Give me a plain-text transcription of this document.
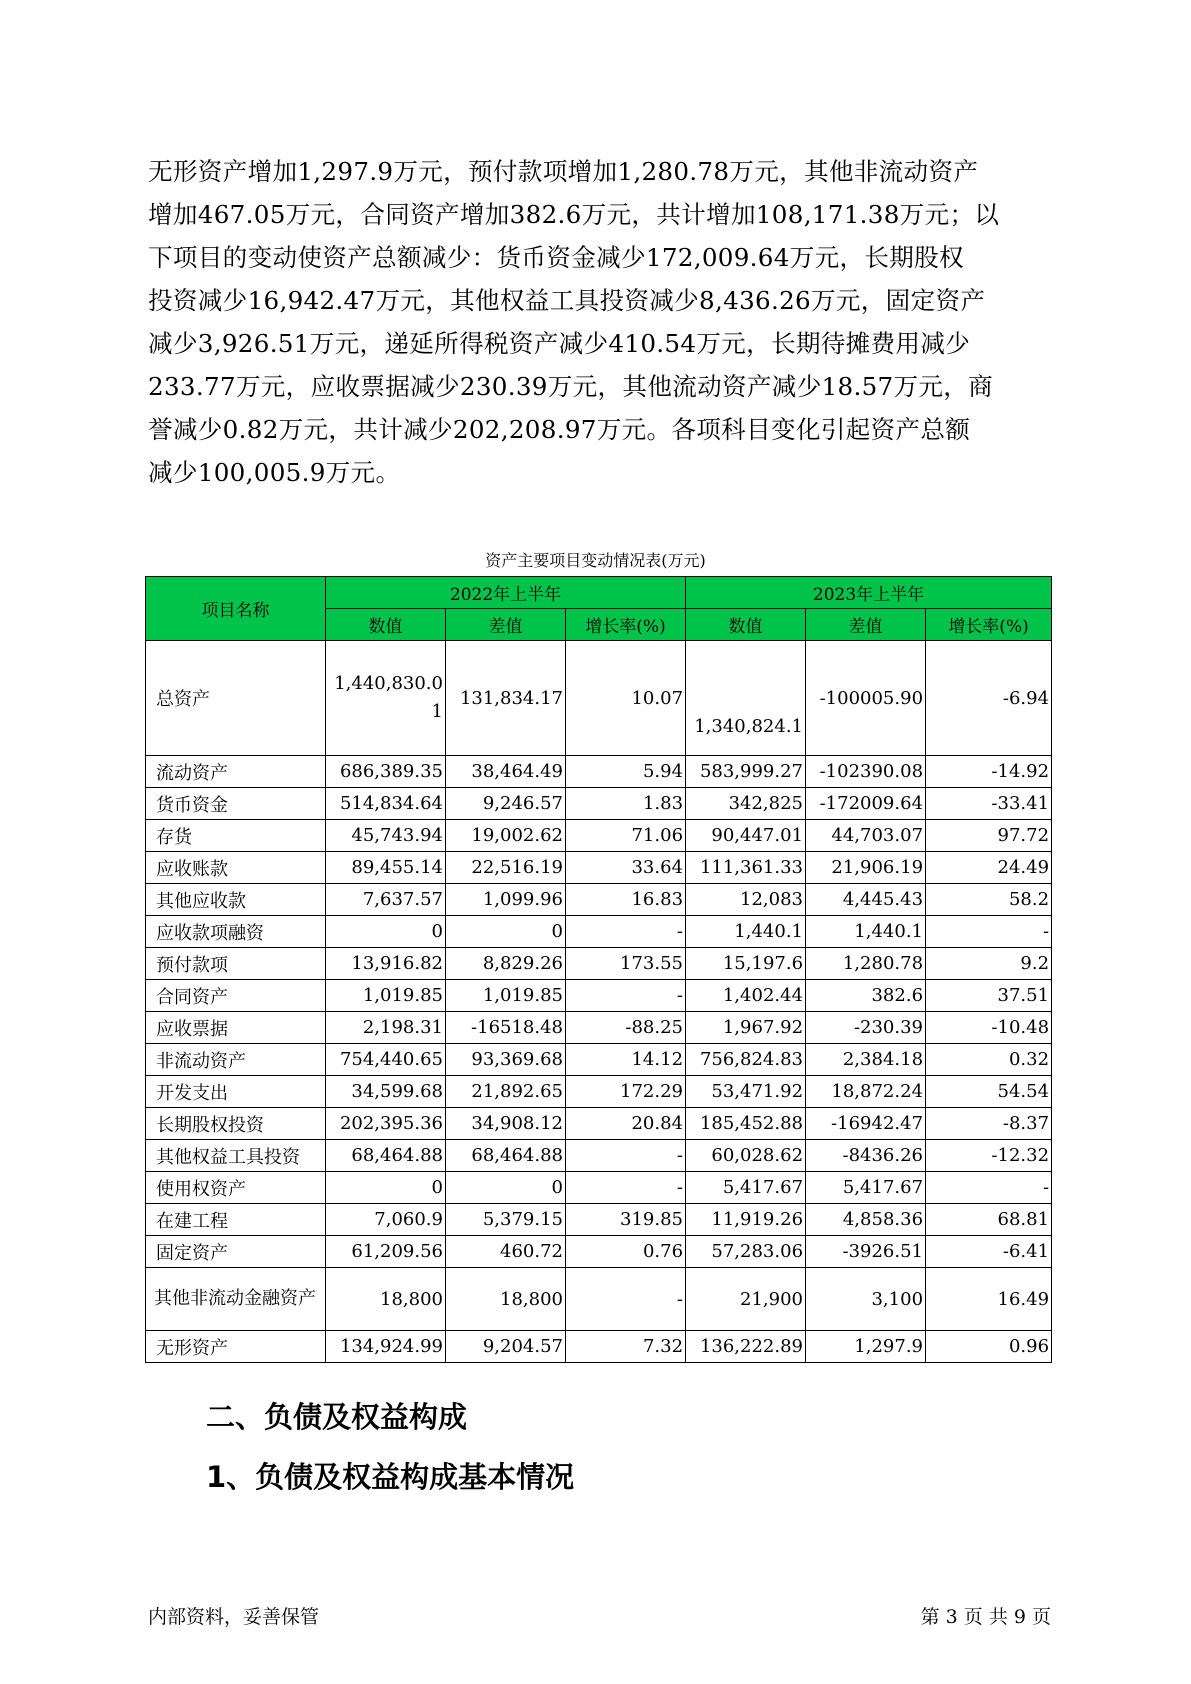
无形资产增加1,297.9万元，预付款项增加1,280.78万元，其他非流动资产
增加467.05万元，合同资产增加382.6万元，共计增加108,171.38万元；以
下项目的变动使资产总额减少：货币资金减少172,009.64万元，长期股权
投资减少16,942.47万元，其他权益工具投资减少8,436.26万元，固定资产
减少3,926.51万元，递延所得税资产减少410.54万元，长期待摊费用减少
233.77万元，应收票据减少230.39万元，其他流动资产减少18.57万元，商
誉减少0.82万元，共计减少202,208.97万元。各项科目变化引起资产总额
减少100,005.9万元。
资产主要项目变动情况表(万元)
项目名称	2022年上半年			2023年上半年		
	数值	差值	增长率(%)	数值	差值	增长率(%)
总资产	1,440,830.01	131,834.17	10.07	1,340,824.1	-100005.90	-6.94
流动资产	686,389.35	38,464.49	5.94	583,999.27	-102390.08	-14.92
货币资金	514,834.64	9,246.57	1.83	342,825	-172009.64	-33.41
存货	45,743.94	19,002.62	71.06	90,447.01	44,703.07	97.72
应收账款	89,455.14	22,516.19	33.64	111,361.33	21,906.19	24.49
其他应收款	7,637.57	1,099.96	16.83	12,083	4,445.43	58.2
应收款项融资	0	0	-	1,440.1	1,440.1	-
预付款项	13,916.82	8,829.26	173.55	15,197.6	1,280.78	9.2
合同资产	1,019.85	1,019.85	-	1,402.44	382.6	37.51
应收票据	2,198.31	-16518.48	-88.25	1,967.92	-230.39	-10.48
非流动资产	754,440.65	93,369.68	14.12	756,824.83	2,384.18	0.32
开发支出	34,599.68	21,892.65	172.29	53,471.92	18,872.24	54.54
长期股权投资	202,395.36	34,908.12	20.84	185,452.88	-16942.47	-8.37
其他权益工具投资	68,464.88	68,464.88	-	60,028.62	-8436.26	-12.32
使用权资产	0	0	-	5,417.67	5,417.67	-
在建工程	7,060.9	5,379.15	319.85	11,919.26	4,858.36	68.81
固定资产	61,209.56	460.72	0.76	57,283.06	-3926.51	-6.41
其他非流动金融资产	18,800	18,800	-	21,900	3,100	16.49
无形资产	134,924.99	9,204.57	7.32	136,222.89	1,297.9	0.96
二、负债及权益构成
1、负债及权益构成基本情况
内部资料，妥善保管	第 3 页 共 9 页
